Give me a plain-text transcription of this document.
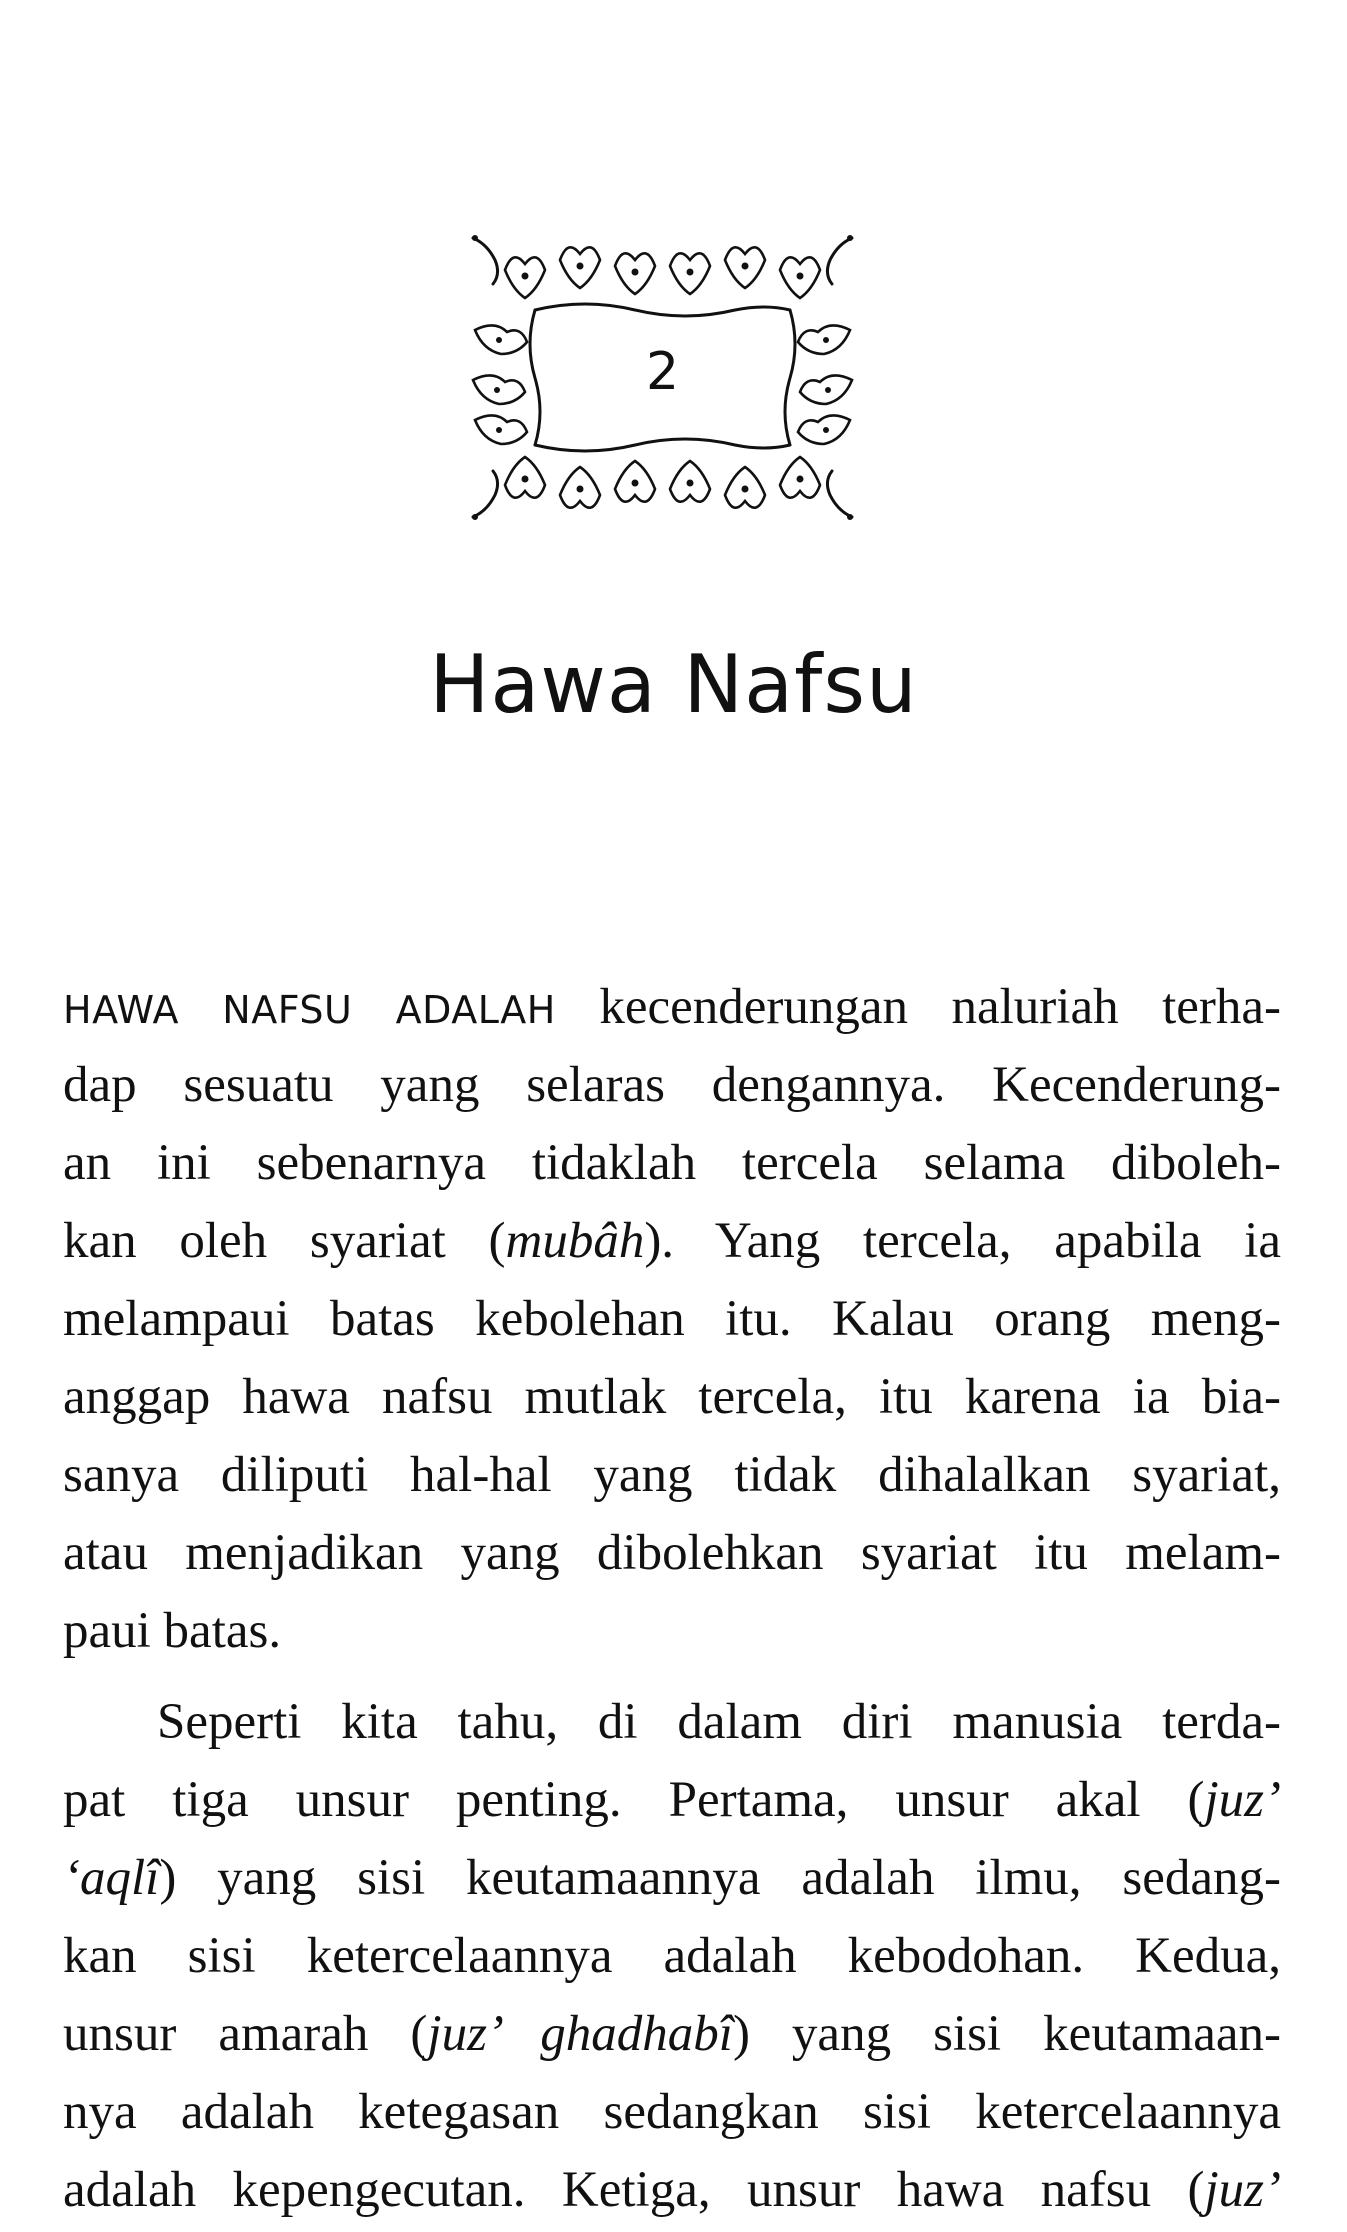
2
Hawa Nafsu
HAWA NAFSU ADALAH kecenderungan naluriah terha-
dap sesuatu yang selaras dengannya. Kecenderung-
an ini sebenarnya tidaklah tercela selama diboleh-
kan oleh syariat (mubâh). Yang tercela, apabila ia
melampaui batas kebolehan itu. Kalau orang meng-
anggap hawa nafsu mutlak tercela, itu karena ia bia-
sanya diliputi hal-hal yang tidak dihalalkan syariat,
atau menjadikan yang dibolehkan syariat itu melam-
paui batas.
Seperti kita tahu, di dalam diri manusia terda-
pat tiga unsur penting. Pertama, unsur akal (juz’
‘aqlî) yang sisi keutamaannya adalah ilmu, sedang-
kan sisi ketercelaannya adalah kebodohan. Kedua,
unsur amarah (juz’ ghadhabî) yang sisi keutamaan-
nya adalah ketegasan sedangkan sisi ketercelaannya
adalah kepengecutan. Ketiga, unsur hawa nafsu (juz’
